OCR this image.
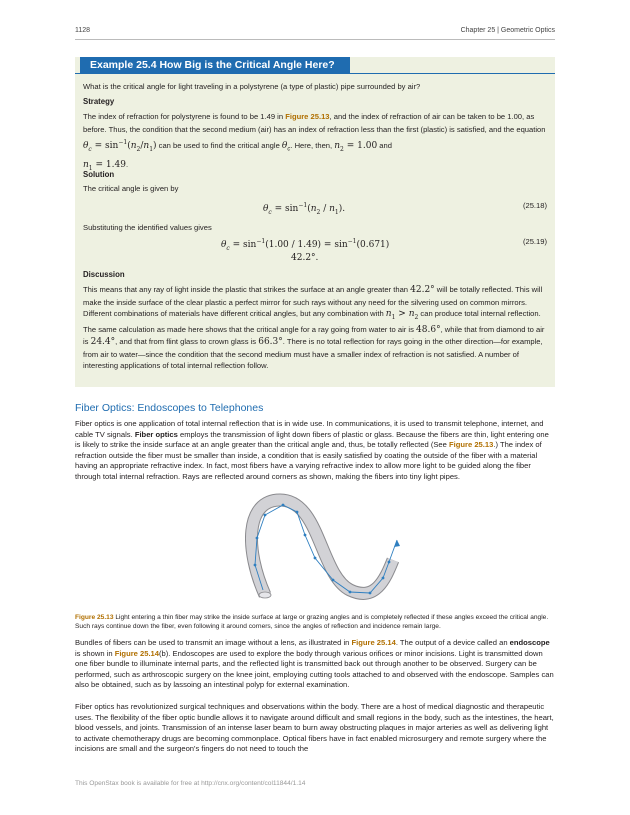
1128	Chapter 25 | Geometric Optics
Example 25.4 How Big is the Critical Angle Here?

What is the critical angle for light traveling in a polystyrene (a type of plastic) pipe surrounded by air?

Strategy

The index of refraction for polystyrene is found to be 1.49 in Figure 25.13, and the index of refraction of air can be taken to be 1.00, as before. Thus, the condition that the second medium (air) has an index of refraction less than the first (plastic) is satisfied, and the equation $\theta_c = \sin^{-1}(n_2/n_1)$ can be used to find the critical angle $\theta_c$. Here, then, $n_2 = 1.00$ and
$n_1 = 1.49$.

Solution

The critical angle is given by

$\theta_c = \sin^{-1}(n_2 / n_1)$.	(25.18)

Substituting the identified values gives

$\theta_c = \sin^{-1}(1.00 / 1.49) = \sin^{-1}(0.671)$
42.2°.
(25.19)

Discussion

This means that any ray of light inside the plastic that strikes the surface at an angle greater than 42.2° will be totally reflected. This will make the inside surface of the clear plastic a perfect mirror for such rays without any need for the silvering used on common mirrors. Different combinations of materials have different critical angles, but any combination with $n_1 > n_2$ can produce total internal reflection. The same calculation as made here shows that the critical angle for a ray going from water to air is 48.6°, while that from diamond to air is 24.4°, and that from flint glass to crown glass is 66.3°. There is no total reflection for rays going in the other direction—for example, from air to water—since the condition that the second medium must have a smaller index of refraction is not satisfied. A number of interesting applications of total internal reflection follow.

Fiber Optics: Endoscopes to Telephones

Fiber optics is one application of total internal reflection that is in wide use. In communications, it is used to transmit telephone, internet, and cable TV signals. Fiber optics employs the transmission of light down fibers of plastic or glass. Because the fibers are thin, light entering one is likely to strike the inside surface at an angle greater than the critical angle and, thus, be totally reflected (See Figure 25.13.) The index of refraction outside the fiber must be smaller than inside, a condition that is easily satisfied by coating the outside of the fiber with a material having an appropriate refractive index. In fact, most fibers have a varying refractive index to allow more light to be guided along the fiber through total internal refraction. Rays are reflected around corners as shown, making the fibers into tiny light pipes.

Figure 25.13 Light entering a thin fiber may strike the inside surface at large or grazing angles and is completely reflected if these angles exceed the critical angle. Such rays continue down the fiber, even following it around corners, since the angles of reflection and incidence remain large.

Bundles of fibers can be used to transmit an image without a lens, as illustrated in Figure 25.14. The output of a device called an endoscope is shown in Figure 25.14(b). Endoscopes are used to explore the body through various orifices or minor incisions. Light is transmitted down one fiber bundle to illuminate internal parts, and the reflected light is transmitted back out through another to be observed. Surgery can be performed, such as arthroscopic surgery on the knee joint, employing cutting tools attached to and observed with the endoscope. Samples can also be obtained, such as by lassoing an intestinal polyp for external examination.

Fiber optics has revolutionized surgical techniques and observations within the body. There are a host of medical diagnostic and therapeutic uses. The flexibility of the fiber optic bundle allows it to navigate around difficult and small regions in the body, such as the intestines, the heart, blood vessels, and joints. Transmission of an intense laser beam to burn away obstructing plaques in major arteries as well as delivering light to activate chemotherapy drugs are becoming commonplace. Optical fibers have in fact enabled microsurgery and remote surgery where the incisions are small and the surgeon's fingers do not need to touch the

This OpenStax book is available for free at http://cnx.org/content/col11844/1.14
